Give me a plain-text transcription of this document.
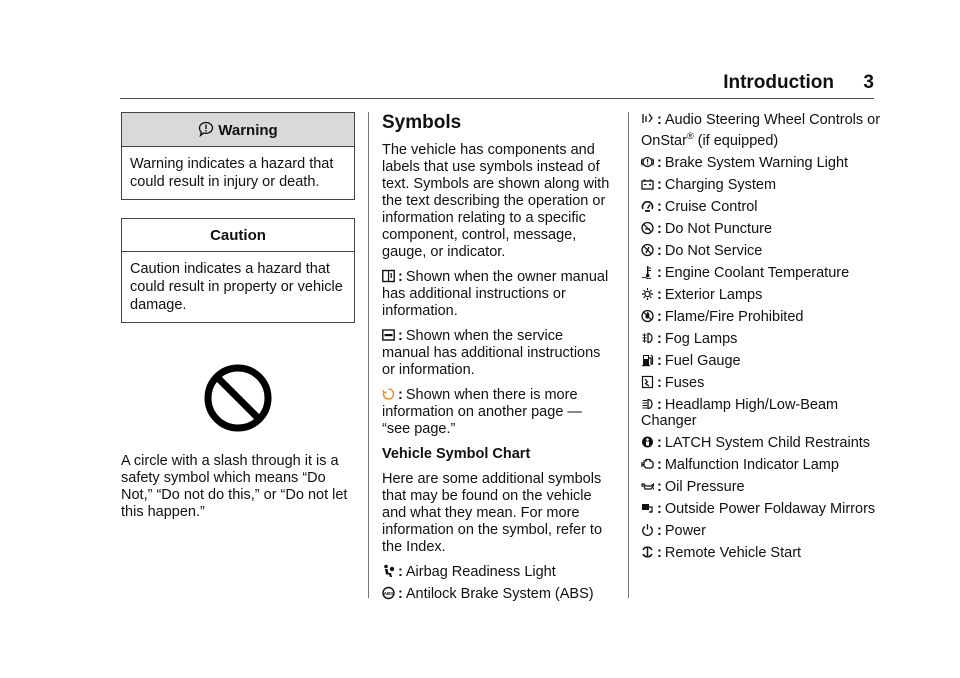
Introduction 3
Warning
Warning indicates a hazard that could result in injury or death.
Caution
Caution indicates a hazard that could result in property or vehicle damage.

A circle with a slash through it is a safety symbol which means “Do Not,” “Do not do this,” or “Do not let this happen.”

Symbols

The vehicle has components and labels that use symbols instead of text. Symbols are shown along with the text describing the operation or information relating to a specific component, control, message, gauge, or indicator.

: Shown when the owner manual has additional instructions or information.

: Shown when the service manual has additional instructions or information.

: Shown when there is more information on another page — “see page.”

Vehicle Symbol Chart

Here are some additional symbols that may be found on the vehicle and what they mean. For more information on the symbol, refer to the Index.

: Airbag Readiness Light
ABS : Antilock Brake System (ABS)
: Audio Steering Wheel Controls or OnStar® (if equipped)
: Brake System Warning Light
: Charging System
: Cruise Control
: Do Not Puncture
: Do Not Service
: Engine Coolant Temperature
: Exterior Lamps
: Flame/Fire Prohibited
: Fog Lamps
: Fuel Gauge
: Fuses
: Headlamp High/Low-Beam Changer
: LATCH System Child Restraints
: Malfunction Indicator Lamp
: Oil Pressure
: Outside Power Foldaway Mirrors
: Power
: Remote Vehicle Start
